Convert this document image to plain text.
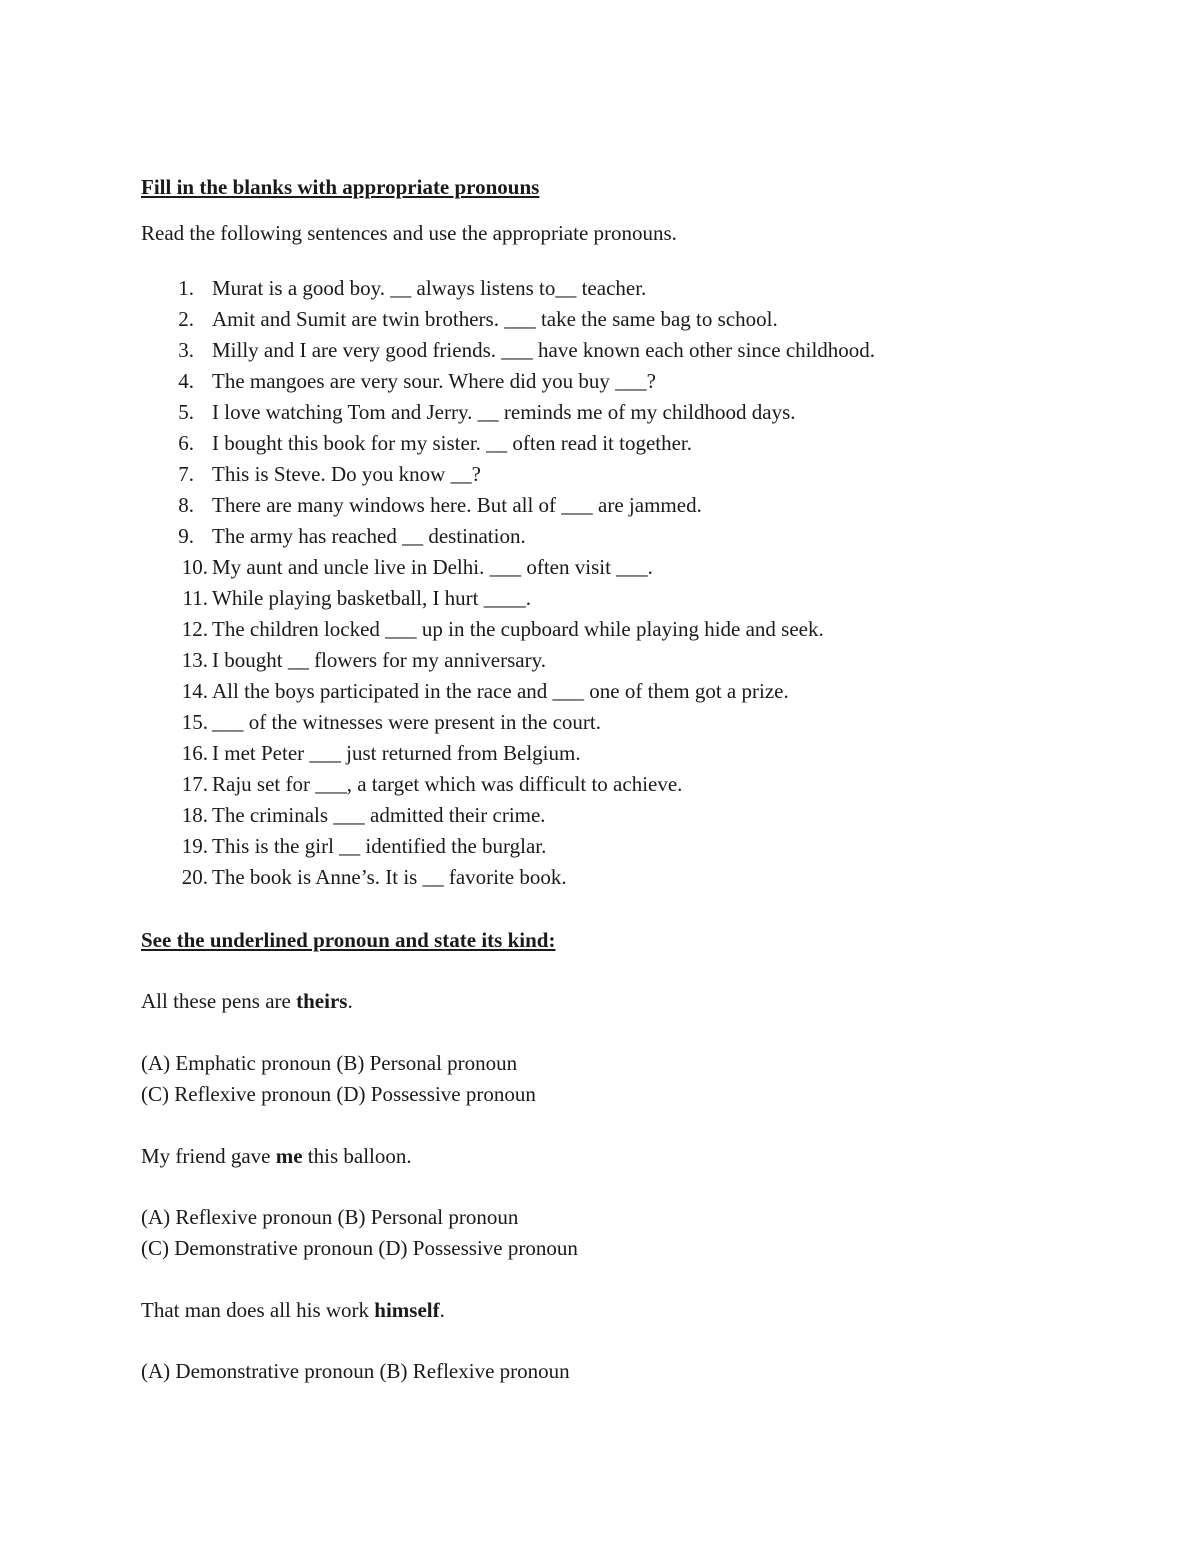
Fill in the blanks with appropriate pronouns
Read the following sentences and use the appropriate pronouns.
1. Murat is a good boy. __ always listens to__ teacher.
2. Amit and Sumit are twin brothers. ___ take the same bag to school.
3. Milly and I are very good friends. ___ have known each other since childhood.
4. The mangoes are very sour. Where did you buy ___?
5. I love watching Tom and Jerry. __ reminds me of my childhood days.
6. I bought this book for my sister. __ often read it together.
7. This is Steve. Do you know __?
8. There are many windows here. But all of ___ are jammed.
9. The army has reached __ destination.
10. My aunt and uncle live in Delhi. ___ often visit ___.
11. While playing basketball, I hurt ____.
12. The children locked ___ up in the cupboard while playing hide and seek.
13. I bought __ flowers for my anniversary.
14. All the boys participated in the race and ___ one of them got a prize.
15. ___ of the witnesses were present in the court.
16. I met Peter ___ just returned from Belgium.
17. Raju set for ___, a target which was difficult to achieve.
18. The criminals ___ admitted their crime.
19. This is the girl __ identified the burglar.
20. The book is Anne’s. It is __ favorite book.
See the underlined pronoun and state its kind:
All these pens are theirs.
(A) Emphatic pronoun (B) Personal pronoun
(C) Reflexive pronoun (D) Possessive pronoun
My friend gave me this balloon.
(A) Reflexive pronoun (B) Personal pronoun
(C) Demonstrative pronoun (D) Possessive pronoun
That man does all his work himself.
(A) Demonstrative pronoun (B) Reflexive pronoun
